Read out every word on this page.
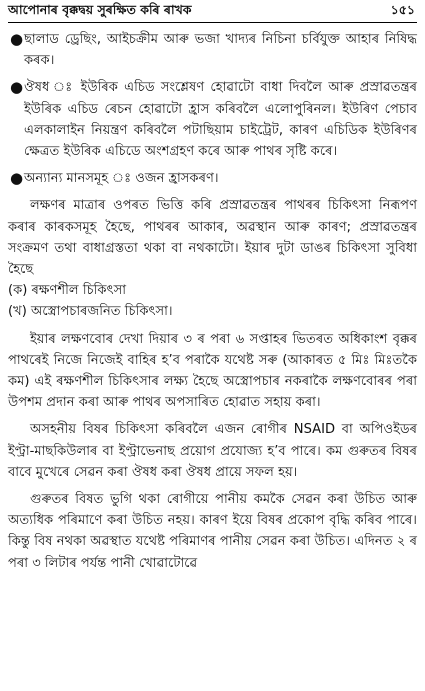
আপোনাৰ বৃক্কদ্বয় সুৰক্ষিত কৰি ৰাখক	১৫১
● ছালাড ড্ৰেছিং, আইচক্ৰীম আৰু ভজা খাদ্যৰ নিচিনা চৰ্বিযুক্ত আহাৰ নিষিদ্ধ কৰক।
● ঔষধ ঃ ইউৰিক এচিড সংশ্লেষণ হোৱাটো বাধা দিবলৈ আৰু প্ৰস্ৰাৱতন্ত্ৰৰ ইউৰিক এচিড ৰেচন হোৱাটো হ্ৰাস কৰিবলৈ এলোপুৰিনল। ইউৰিণ পেচাব এলকালাইন নিয়ন্ত্ৰণ কৰিবলৈ পটাছিয়াম চাইট্ৰেট, কাৰণ এচিডিক ইউৰিণৰ ক্ষেত্ৰত ইউৰিক এচিডে অংশগ্ৰহণ কৰে আৰু পাথৰ সৃষ্টি কৰে।
● অন্যান্য মানসমূহ ঃ ওজন হ্ৰাসকৰণ।

লক্ষণৰ মাত্ৰাৰ ওপৰত ভিত্তি কৰি প্ৰস্ৰাৱতন্ত্ৰৰ পাথৰৰ চিকিৎসা নিৰূপণ কৰাৰ কাৰকসমূহ হৈছে, পাথৰৰ আকাৰ, অৱস্থান আৰু কাৰণ; প্ৰস্ৰাৱতন্ত্ৰৰ সংক্ৰমণ তথা বাধাগ্ৰস্ততা থকা বা নথকাটো। ইয়াৰ দুটা ডাঙৰ চিকিৎসা সুবিধা হৈছে

(ক) ৰক্ষণশীল চিকিৎসা

(খ) অস্ত্ৰোপচাৰজনিত চিকিৎসা।

ইয়াৰ লক্ষণবোৰ দেখা দিয়াৰ ৩ ৰ পৰা ৬ সপ্তাহৰ ভিতৰত অধিকাংশ বৃক্কৰ পাথৰেই নিজে নিজেই বাহিৰ হ’ব পৰাকৈ যথেষ্ট সৰু (আকাৰত ৫ মিঃ মিঃতকৈ কম) এই ৰক্ষণশীল চিকিৎসাৰ লক্ষ্য হৈছে অস্ত্ৰোপচাৰ নকৰাকৈ লক্ষণবোৰৰ পৰা উপশম প্ৰদান কৰা আৰু পাথৰ অপসাৰিত হোৱাত সহায় কৰা।

অসহনীয় বিষৰ চিকিৎসা কৰিবলৈ এজন ৰোগীৰ NSAID বা অপিওইডৰ ইণ্ট্ৰা-মাছকিউলাৰ বা ইণ্ট্ৰাভেনাছ প্ৰয়োগ প্ৰযোজ্য হ’ব পাৰে। কম গুৰুতৰ বিষৰ বাবে মুখেৰে সেৱন কৰা ঔষধ কৰা ঔষধ প্ৰায়ে সফল হয়।

গুৰুতৰ বিষত ভুগি থকা ৰোগীয়ে পানীয় কমকৈ সেৱন কৰা উচিত আৰু অত্যধিক পৰিমাণে কৰা উচিত নহয়। কাৰণ ইয়ে বিষৰ প্ৰকোপ বৃদ্ধি কৰিব পাৰে। কিন্তু বিষ নথকা অৱস্থাত যথেষ্ট পৰিমাণৰ পানীয় সেৱন কৰা উচিত। এদিনত ২ ৰ পৰা ৩ লিটাৰ পৰ্যন্ত পানী খোৱাটোৱে
